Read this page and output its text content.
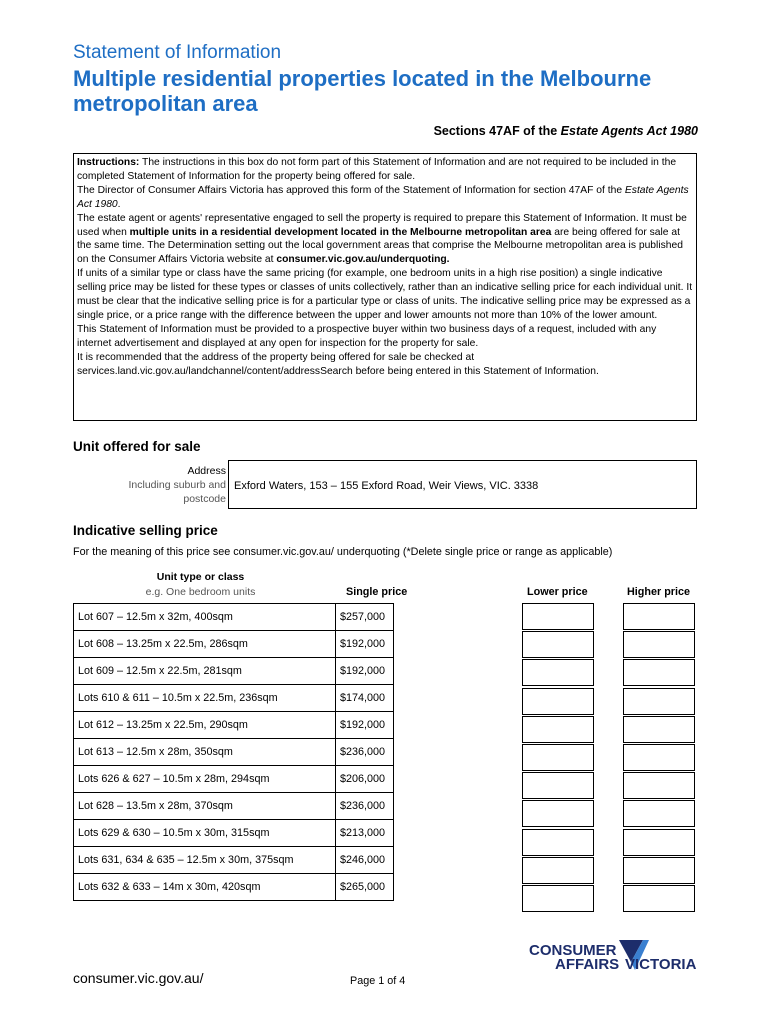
Statement of Information
Multiple residential properties located in the Melbourne metropolitan area
Sections 47AF of the Estate Agents Act 1980

Instructions: The instructions in this box do not form part of this Statement of Information and are not required to be included in the completed Statement of Information for the property being offered for sale.

The Director of Consumer Affairs Victoria has approved this form of the Statement of Information for section 47AF of the Estate Agents Act 1980.

The estate agent or agents' representative engaged to sell the property is required to prepare this Statement of Information. It must be used when multiple units in a residential development located in the Melbourne metropolitan area are being offered for sale at the same time. The Determination setting out the local government areas that comprise the Melbourne metropolitan area is published on the Consumer Affairs Victoria website at consumer.vic.gov.au/underquoting.

If units of a similar type or class have the same pricing (for example, one bedroom units in a high rise position) a single indicative selling price may be listed for these types or classes of units collectively, rather than an indicative selling price for each individual unit. It must be clear that the indicative selling price is for a particular type or class of units. The indicative selling price may be expressed as a single price, or a price range with the difference between the upper and lower amounts not more than 10% of the lower amount.

This Statement of Information must be provided to a prospective buyer within two business days of a request, included with any internet advertisement and displayed at any open for inspection for the property for sale.

It is recommended that the address of the property being offered for sale be checked at services.land.vic.gov.au/landchannel/content/addressSearch before being entered in this Statement of Information.

Unit offered for sale
Address
Including suburb and
postcode
Exford Waters, 153 – 155 Exford Road, Weir Views, VIC. 3338
Indicative selling price
For the meaning of this price see consumer.vic.gov.au/ underquoting (*Delete single price or range as applicable)
Unit type or class
e.g. One bedroom units	Single price	Lower price	Higher price
Lot 607 – 12.5m x 32m, 400sqm	$257,000
Lot 608 – 13.25m x 22.5m, 286sqm	$192,000
Lot 609 – 12.5m x 22.5m, 281sqm	$192,000
Lots 610 & 611 – 10.5m x 22.5m, 236sqm	$174,000
Lot 612 – 13.25m x 22.5m, 290sqm	$192,000
Lot 613 – 12.5m x 28m, 350sqm	$236,000
Lots 626 & 627 – 10.5m x 28m, 294sqm	$206,000
Lot 628 – 13.5m x 28m, 370sqm	$236,000
Lots 629 & 630 – 10.5m x 30m, 315sqm	$213,000
Lots 631, 634 & 635 – 12.5m x 30m, 375sqm	$246,000
Lots 632 & 633 – 14m x 30m, 420sqm	$265,000
consumer.vic.gov.au/	Page 1 of 4
CONSUMER
AFFAIRS VICTORIA
